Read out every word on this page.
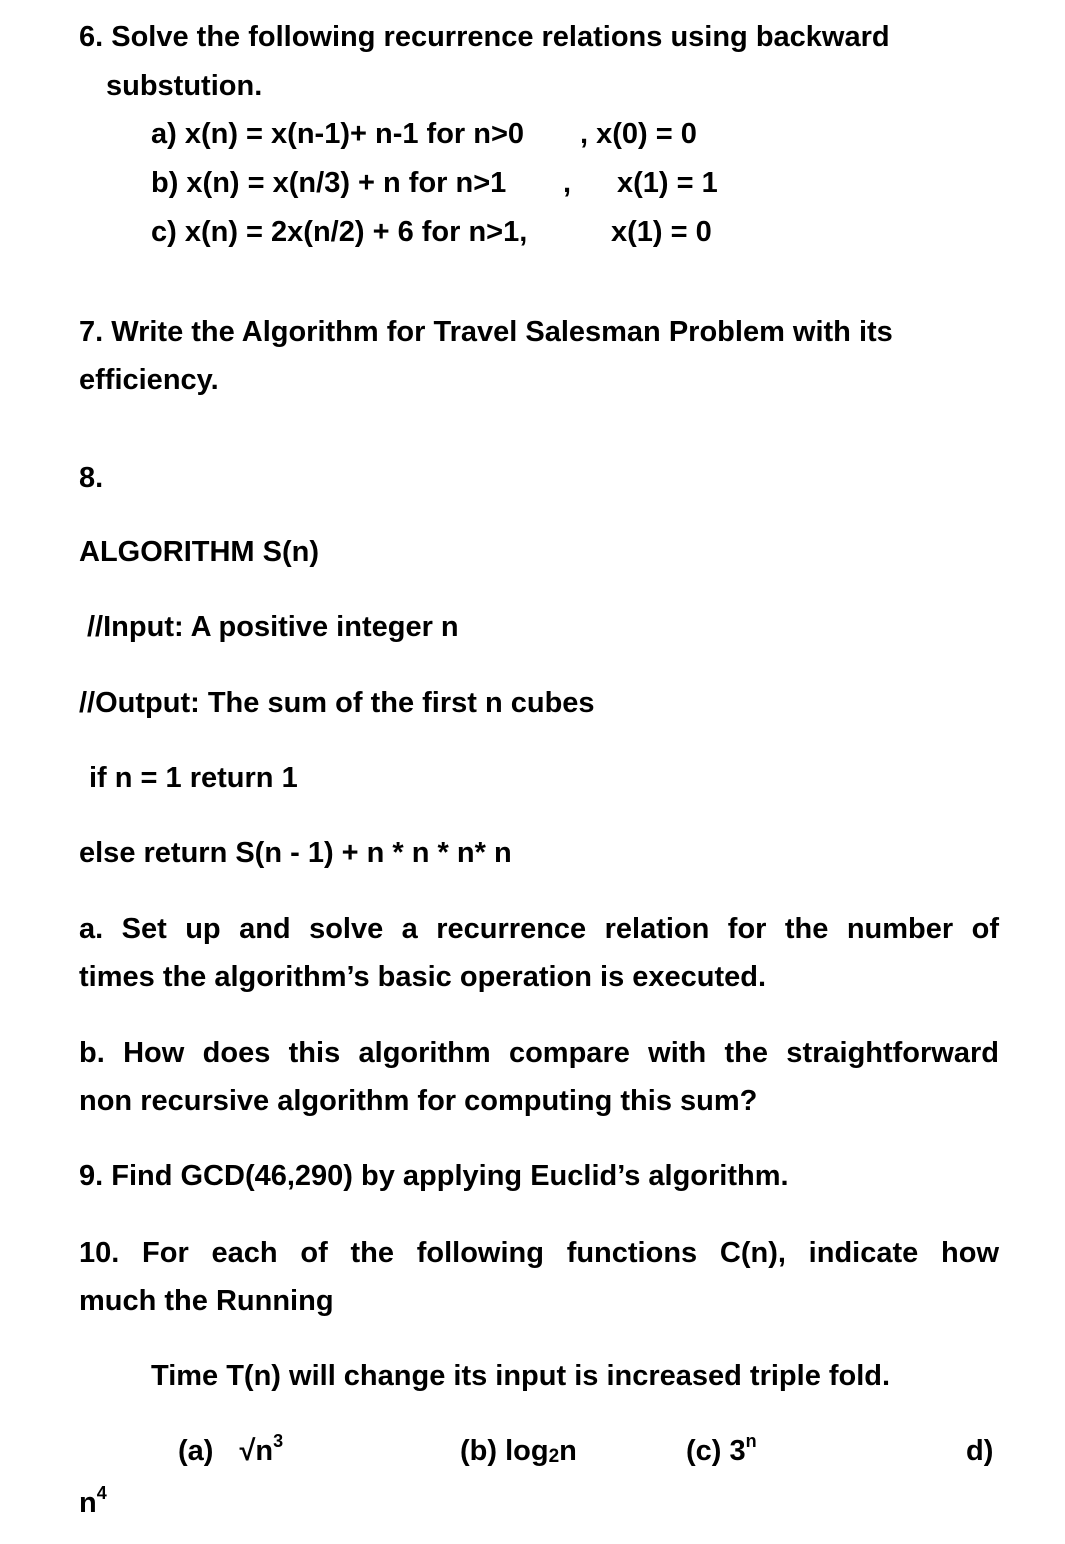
6. Solve the following recurrence relations using backward
substution.
a) x(n) = x(n-1)+ n-1 for n>0 , x(0) = 0
b) x(n) = x(n/3) + n for n>1 , x(1) = 1
c) x(n) = 2x(n/2) + 6 for n>1,	x(1) = 0
7. Write the Algorithm for Travel Salesman Problem with its
efficiency.
8.
ALGORITHM S(n)
//Input: A positive integer n
//Output: The sum of the first n cubes
if n = 1 return 1
else return S(n - 1) + n * n * n* n
a. Set up and solve a recurrence relation for the number of
times the algorithm’s basic operation is executed.
b. How does this algorithm compare with the straightforward
non recursive algorithm for computing this sum?
9. Find GCD(46,290) by applying Euclid’s algorithm.
10. For each of the following functions C(n), indicate how
much the Running
Time T(n) will change its input is increased triple fold.
(a) $√n^3$	(b) $\log_2n$	(c) 3$^n$	d)
$n^4$
